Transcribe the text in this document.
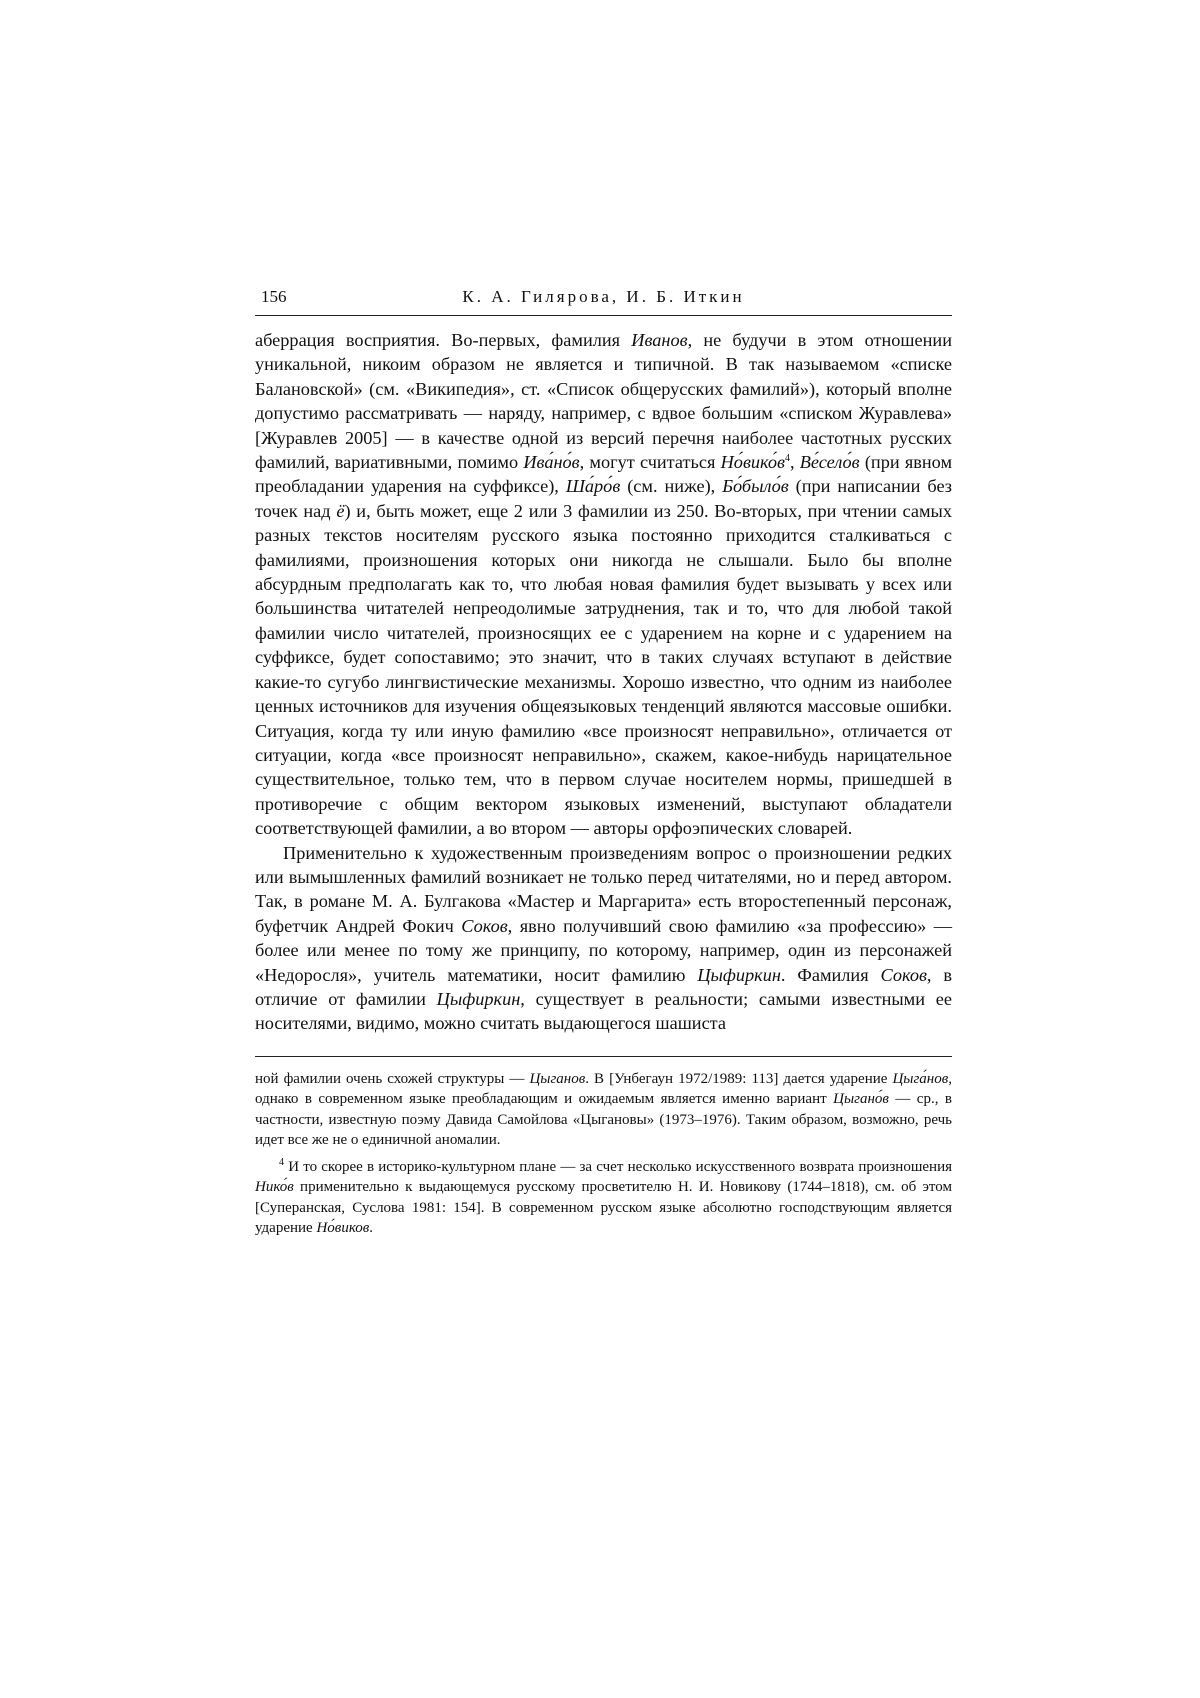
156	К. А. Гилярова, И. Б. Иткин

аберрация восприятия. Во-первых, фамилия Иванов, не будучи в этом отношении уникальной, никоим образом не является и типичной. В так называемом «списке Балановской» (см. «Википедия», ст. «Список общерусских фамилий»), который вполне допустимо рассматривать — наряду, например, с вдвое большим «списком Журавлева» [Журавлев 2005] — в качестве одной из версий перечня наиболее частотных русских фамилий, вариативными, помимо Ива́но́в, могут считаться $Но́вико́в^4$, Ве́село́в (при явном преобладании ударения на суффиксе), Ша́ро́в (см. ниже), Бо́было́в (при написании без точек над ё) и, быть может, еще 2 или 3 фамилии из 250. Во-вторых, при чтении самых разных текстов носителям русского языка постоянно приходится сталкиваться с фамилиями, произношения которых они никогда не слышали. Было бы вполне абсурдным предполагать как то, что любая новая фамилия будет вызывать у всех или большинства читателей непреодолимые затруднения, так и то, что для любой такой фамилии число читателей, произносящих ее с ударением на корне и с ударением на суффиксе, будет сопоставимо; это значит, что в таких случаях вступают в действие какие-то сугубо лингвистические механизмы. Хорошо известно, что одним из наиболее ценных источников для изучения общеязыковых тенденций являются массовые ошибки. Ситуация, когда ту или иную фамилию «все произносят неправильно», отличается от ситуации, когда «все произносят неправильно», скажем, какое-нибудь нарицательное существительное, только тем, что в первом случае носителем нормы, пришедшей в противоречие с общим вектором языковых изменений, выступают обладатели соответствующей фамилии, а во втором — авторы орфоэпических словарей.

Применительно к художественным произведениям вопрос о произношении редких или вымышленных фамилий возникает не только перед читателями, но и перед автором. Так, в романе М. А. Булгакова «Мастер и Маргарита» есть второстепенный персонаж, буфетчик Андрей Фокич Соков, явно получивший свою фамилию «за профессию» — более или менее по тому же принципу, по которому, например, один из персонажей «Недоросля», учитель математики, носит фамилию Цыфиркин. Фамилия Соков, в отличие от фамилии Цыфиркин, существует в реальности; самыми известными ее носителями, видимо, можно считать выдающегося шашиста

ной фамилии очень схожей структуры — Цыганов. В [Унбегаун 1972/1989: 113] дается ударение Цыга́нов, однако в современном языке преобладающим и ожидаемым является именно вариант Цыгано́в — ср., в частности, известную поэму Давида Самойлова «Цыгановы» (1973–1976). Таким образом, возможно, речь идет все же не о единичной аномалии.

$^4$ И то скорее в историко-культурном плане — за счет несколько искусственного возврата произношения Нико́в применительно к выдающемуся русскому просветителю Н. И. Новикову (1744–1818), см. об этом [Суперанская, Суслова 1981: 154]. В современном русском языке абсолютно господствующим является ударение Но́виков.
